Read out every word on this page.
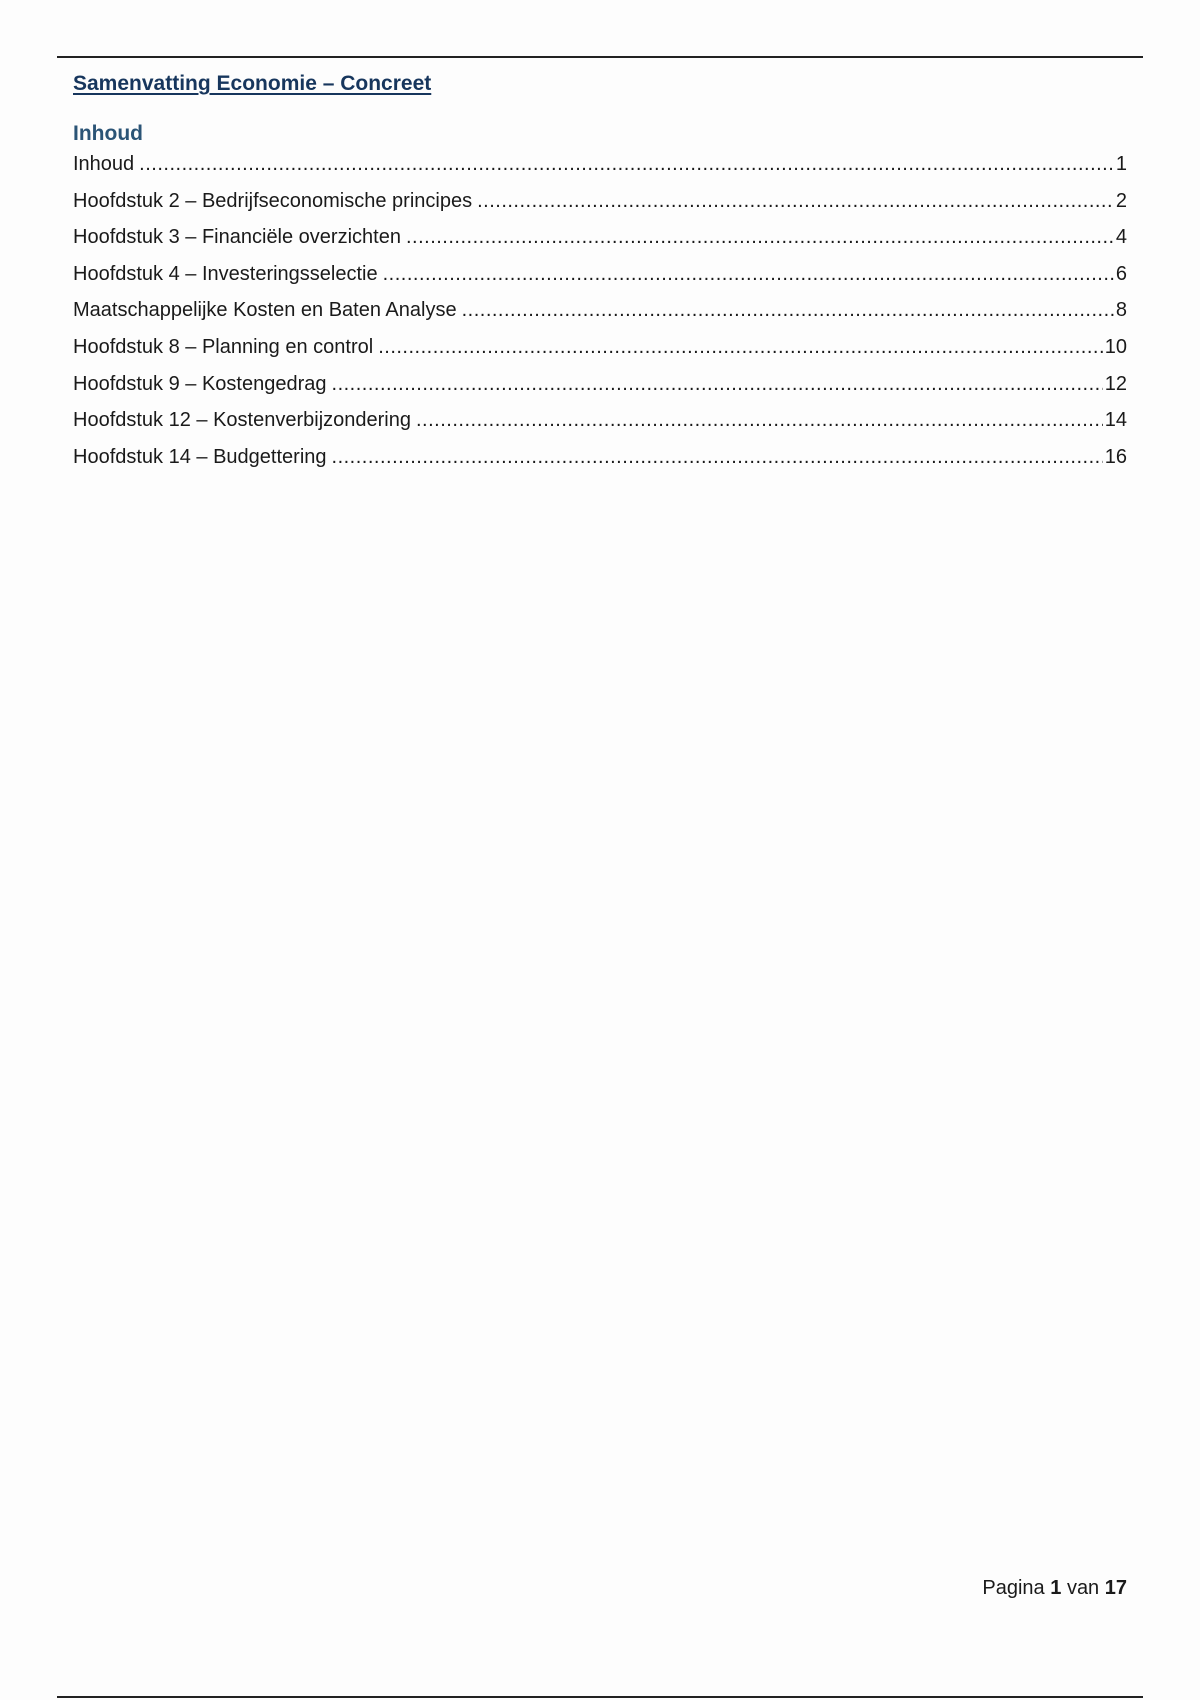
Samenvatting Economie – Concreet
Inhoud
Inhoud .....	1
Hoofdstuk 2 – Bedrijfseconomische principes .....	2
Hoofdstuk 3 – Financiële overzichten .....	4
Hoofdstuk 4 – Investeringsselectie .....	6
Maatschappelijke Kosten en Baten Analyse .....	8
Hoofdstuk 8 – Planning en control .....	10
Hoofdstuk 9 – Kostengedrag .....	12
Hoofdstuk 12 – Kostenverbijzondering .....	14
Hoofdstuk 14 – Budgettering .....	16
Pagina 1 van 17
